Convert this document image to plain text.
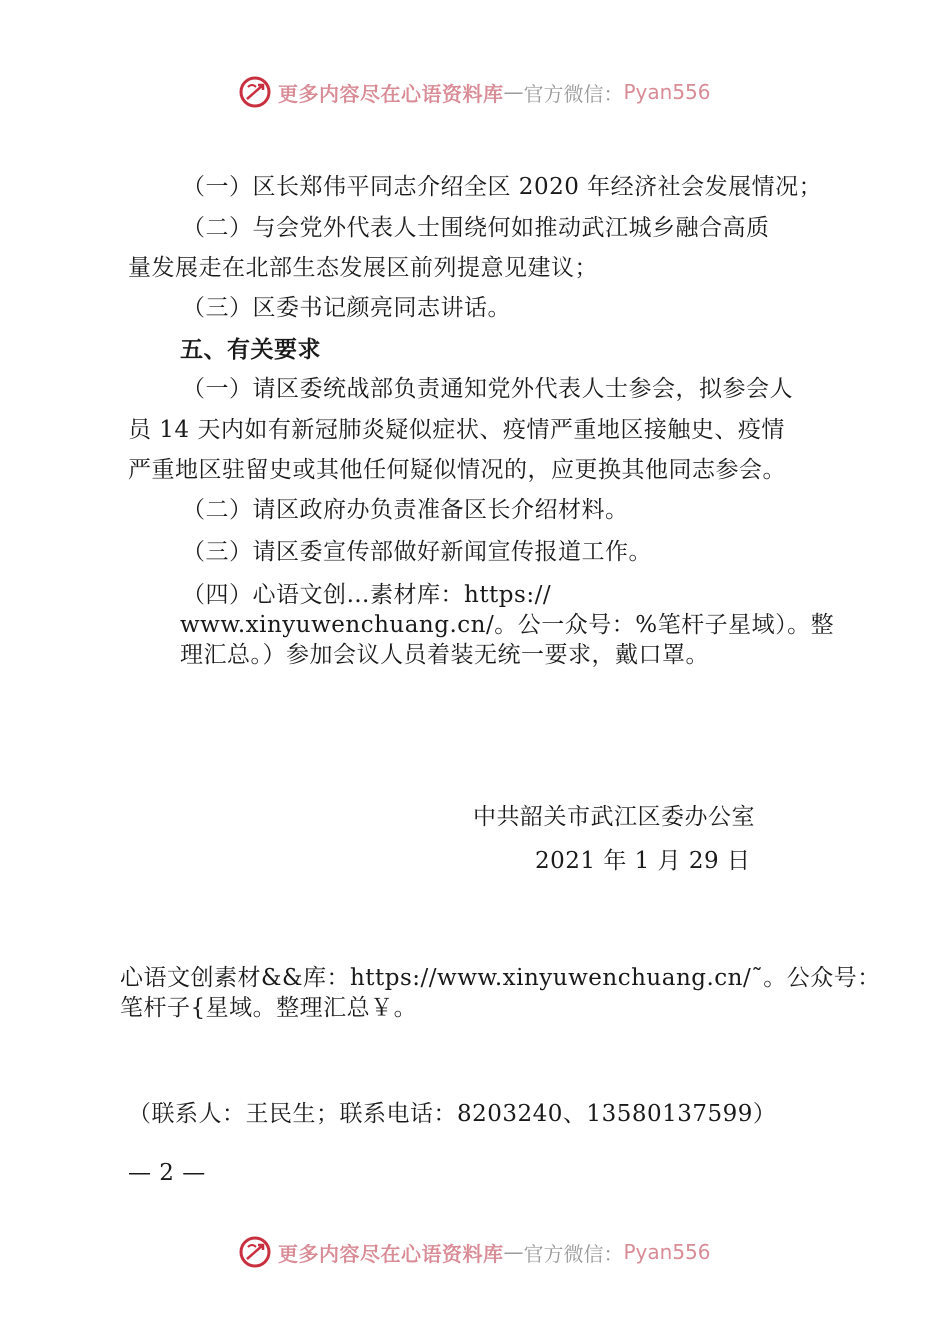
更多内容尽在心语资料库 — 官方微信： Pyan556
（一）区长郑伟平同志介绍全区 2020 年经济社会发展情况；
（二）与会党外代表人士围绕何如推动武江城乡融合高质
量发展走在北部生态发展区前列提意见建议；
（三）区委书记颜亮同志讲话。
五、有关要求
（一）请区委统战部负责通知党外代表人士参会，拟参会人
员 14 天内如有新冠肺炎疑似症状、疫情严重地区接触史、疫情
严重地区驻留史或其他任何疑似情况的，应更换其他同志参会。
（二）请区政府办负责准备区长介绍材料。
（三）请区委宣传部做好新闻宣传报道工作。
（四）心语文创…素材库：https://
www.xinyuwenchuang.cn/。公一众号：%笔杆子星域）。整
理汇总。）参加会议人员着装无统一要求，戴口罩。
中共韶关市武江区委办公室
2021 年 1 月 29 日
心语文创素材&&库：https://www.xinyuwenchuang.cn/˜。公众号：
笔杆子{星域。整理汇总￥。
（联系人：王民生；联系电话：8203240、13580137599）
— 2 —
更多内容尽在心语资料库 — 官方微信： Pyan556
